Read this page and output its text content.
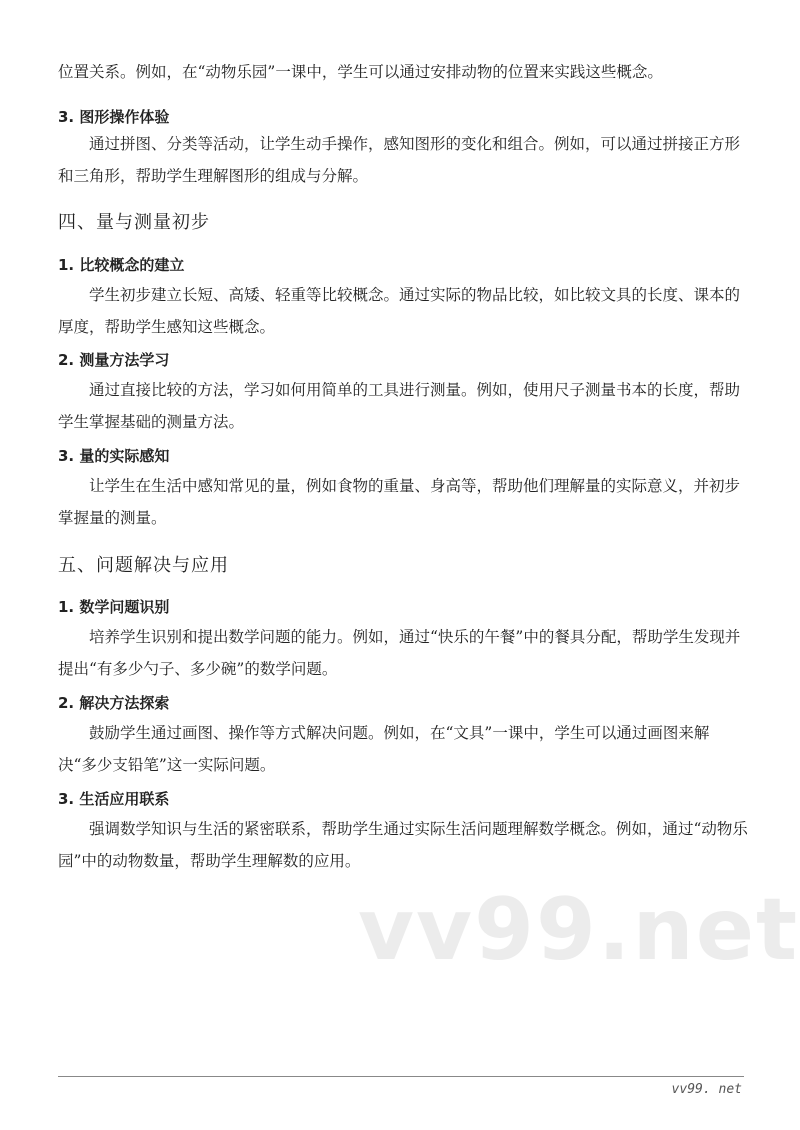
位置关系。例如，在“动物乐园”一课中，学生可以通过安排动物的位置来实践这些概念。

3. 图形操作体验

通过拼图、分类等活动，让学生动手操作，感知图形的变化和组合。例如，可以通过拼接正方形和三角形，帮助学生理解图形的组成与分解。

四、量与测量初步
1. 比较概念的建立

学生初步建立长短、高矮、轻重等比较概念。通过实际的物品比较，如比较文具的长度、课本的厚度，帮助学生感知这些概念。

2. 测量方法学习

通过直接比较的方法，学习如何用简单的工具进行测量。例如，使用尺子测量书本的长度，帮助学生掌握基础的测量方法。

3. 量的实际感知

让学生在生活中感知常见的量，例如食物的重量、身高等，帮助他们理解量的实际意义，并初步掌握量的测量。

五、问题解决与应用
1. 数学问题识别

培养学生识别和提出数学问题的能力。例如，通过“快乐的午餐”中的餐具分配，帮助学生发现并提出“有多少勺子、多少碗”的数学问题。

2. 解决方法探索

鼓励学生通过画图、操作等方式解决问题。例如，在“文具”一课中，学生可以通过画图来解决“多少支铅笔”这一实际问题。

3. 生活应用联系

强调数学知识与生活的紧密联系，帮助学生通过实际生活问题理解数学概念。例如，通过“动物乐园”中的动物数量，帮助学生理解数的应用。

vv99.net
vv99. net
